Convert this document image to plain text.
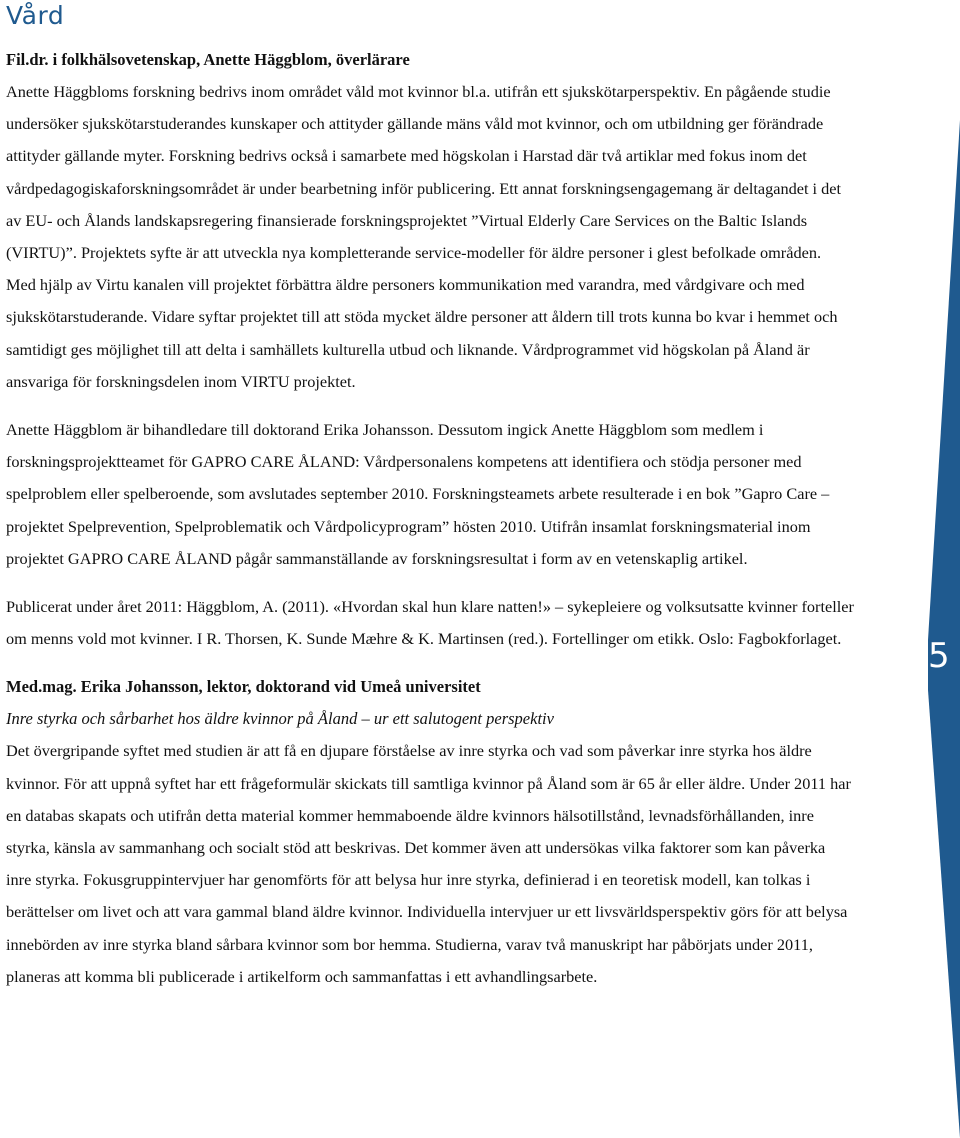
Vård
5

Fil.dr. i folkhälsovetenskap, Anette Häggblom, överlärare

Anette Häggbloms forskning bedrivs inom området våld mot kvinnor bl.a. utifrån ett sjukskötarperspektiv. En pågående studie undersöker sjukskötarstuderandes kunskaper och attityder gällande mäns våld mot kvinnor, och om utbildning ger förändrade attityder gällande myter. Forskning bedrivs också i samarbete med högskolan i Harstad där två artiklar med fokus inom det vårdpedagogiskaforskningsområdet är under bearbetning inför publicering. Ett annat forskningsengagemang är deltagandet i det av EU- och Ålands landskapsregering finansierade forskningsprojektet ”Virtual Elderly Care Services on the Baltic Islands (VIRTU)”. Projektets syfte är att utveckla nya kompletterande service-modeller för äldre personer i glest befolkade områden. Med hjälp av Virtu kanalen vill projektet förbättra äldre personers kommunikation med varandra, med vårdgivare och med sjukskötarstuderande. Vidare syftar projektet till att stöda mycket äldre personer att åldern till trots kunna bo kvar i hemmet och samtidigt ges möjlighet till att delta i samhällets kulturella utbud och liknande. Vårdprogrammet vid högskolan på Åland är ansvariga för forskningsdelen inom VIRTU projektet.

Anette Häggblom är bihandledare till doktorand Erika Johansson. Dessutom ingick Anette Häggblom som medlem i forskningsprojektteamet för GAPRO CARE ÅLAND: Vårdpersonalens kompetens att identifiera och stödja personer med spelproblem eller spelberoende, som avslutades september 2010. Forskningsteamets arbete resulterade i en bok ”Gapro Care – projektet Spelprevention, Spelproblematik och Vårdpolicyprogram” hösten 2010. Utifrån insamlat forskningsmaterial inom projektet GAPRO CARE ÅLAND pågår sammanställande av forskningsresultat i form av en vetenskaplig artikel.

Publicerat under året 2011: Häggblom, A. (2011). «Hvordan skal hun klare natten!» – sykepleiere og volksutsatte kvinner forteller om menns vold mot kvinner. I R. Thorsen, K. Sunde Mæhre & K. Martinsen (red.). Fortellinger om etikk. Oslo: Fagbokforlaget.

Med.mag. Erika Johansson, lektor, doktorand vid Umeå universitet

Inre styrka och sårbarhet hos äldre kvinnor på Åland – ur ett salutogent perspektiv

Det övergripande syftet med studien är att få en djupare förståelse av inre styrka och vad som påverkar inre styrka hos äldre kvinnor. För att uppnå syftet har ett frågeformulär skickats till samtliga kvinnor på Åland som är 65 år eller äldre. Under 2011 har en databas skapats och utifrån detta material kommer hemmaboende äldre kvinnors hälsotillstånd, levnadsförhållanden, inre styrka, känsla av sammanhang och socialt stöd att beskrivas. Det kommer även att undersökas vilka faktorer som kan påverka inre styrka. Fokusgruppintervjuer har genomförts för att belysa hur inre styrka, definierad i en teoretisk modell, kan tolkas i berättelser om livet och att vara gammal bland äldre kvinnor. Individuella intervjuer ur ett livsvärldsperspektiv görs för att belysa innebörden av inre styrka bland sårbara kvinnor som bor hemma. Studierna, varav två manuskript har påbörjats under 2011, planeras att komma bli publicerade i artikelform och sammanfattas i ett avhandlingsarbete.
